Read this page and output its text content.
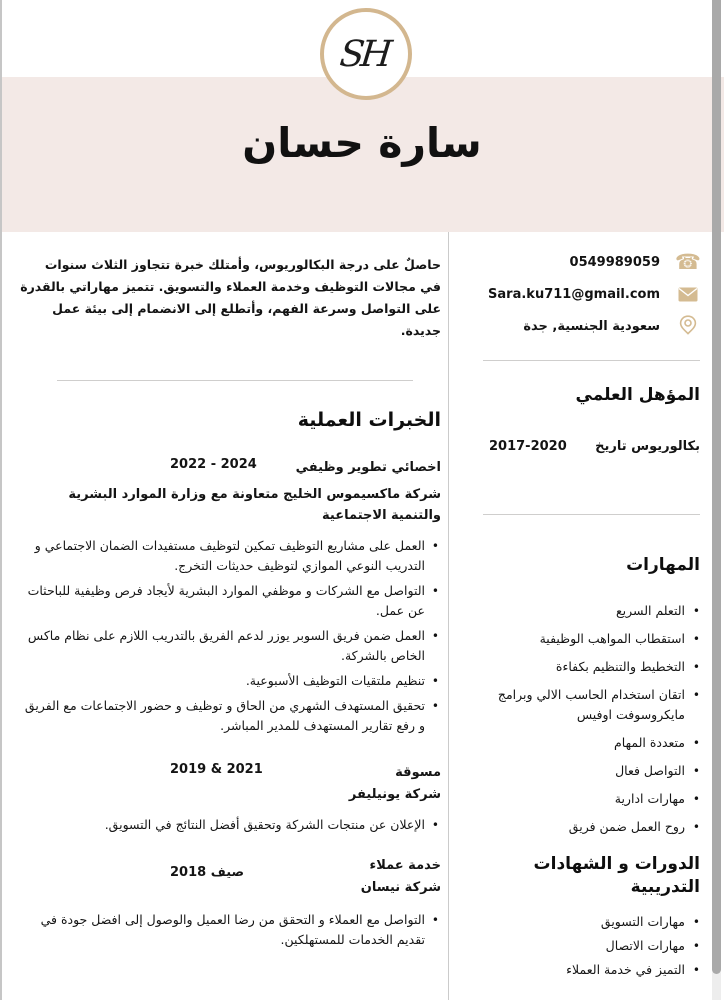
سارة حسان
SH
☎
0549989059
Sara.ku711@gmail.com
سعودية الجنسية, جدة
المؤهل العلمي
بكالوريوس تاريخ
2017-2020
المهارات
• التعلم السريع
• استقطاب المواهب الوظيفية
• التخطيط والتنظيم بكفاءة
• اتقان استخدام الحاسب الالي وبرامج مايكروسوفت اوفيس
• متعددة المهام
• التواصل فعال
• مهارات ادارية
• روح العمل ضمن فريق
الدورات و الشهادات التدريبية
• مهارات التسويق
• مهارات الاتصال
• التميز في خدمة العملاء

حاصلٌ على درجة البكالوريوس، وأمتلك خبرة تتجاوز الثلاث سنوات في مجالات التوظيف وخدمة العملاء والتسويق. تتميز مهاراتي بالقدرة على التواصل وسرعة الفهم، وأتطلع إلى الانضمام إلى بيئة عمل جديدة.

الخبرات العملية
اخصائي تطوير وظيفي
2022 - 2024
شركة ماكسيموس الخليج متعاونة مع وزارة الموارد البشرية والتنمية الاجتماعية
• العمل على مشاريع التوظيف تمكين لتوظيف مستفيدات الضمان الاجتماعي و التدريب النوعي الموازي لتوظيف حديثات التخرج.
• التواصل مع الشركات و موظفي الموارد البشرية لأيجاد فرص وظيفية للباحثات عن عمل.
• العمل ضمن فريق السوبر يوزر لدعم الفريق بالتدريب اللازم على نظام ماكس الخاص بالشركة.
• تنظيم ملتقيات التوظيف الأسبوعية.
• تحقيق المستهدف الشهري من الحاق و توظيف و حضور الاجتماعات مع الفريق و رفع تقارير المستهدف للمدير المباشر.
مسوقة
2019 & 2021
شركة يونيليفر
• الإعلان عن منتجات الشركة وتحقيق أفضل النتائج في التسويق.
خدمة عملاء
شركة نيسان
صيف 2018
• التواصل مع العملاء و التحقق من رضا العميل والوصول إلى افضل جودة في تقديم الخدمات للمستهلكين.
